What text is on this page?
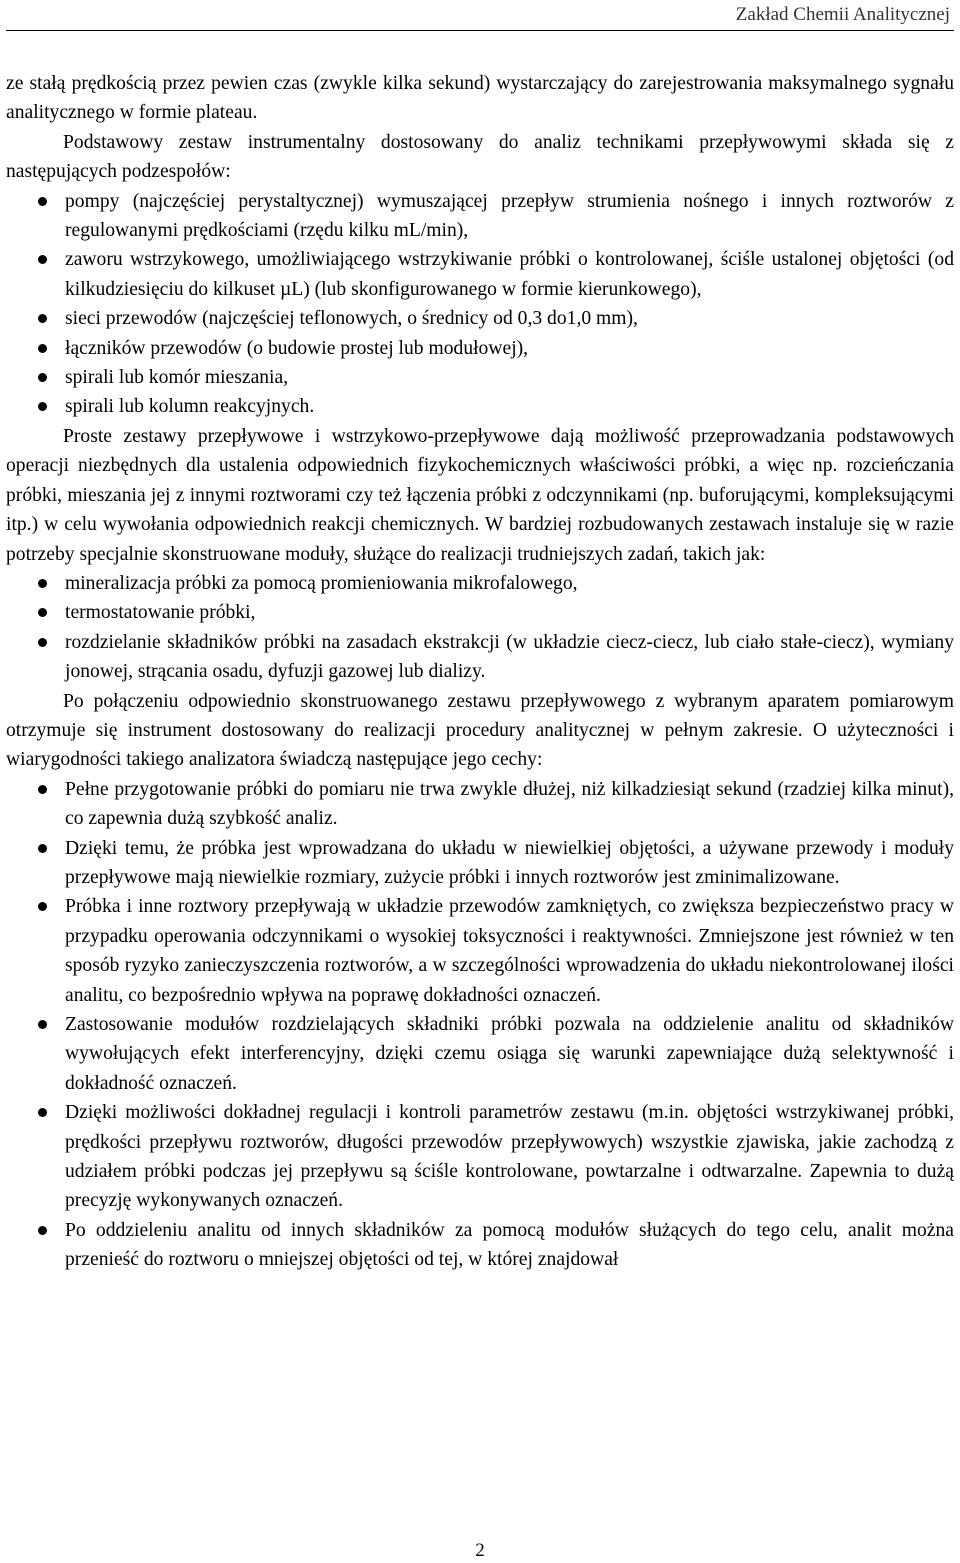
Zakład Chemii Analitycznej

ze stałą prędkością przez pewien czas (zwykle kilka sekund) wystarczający do zarejestrowania maksymalnego sygnału analitycznego w formie plateau.

Podstawowy zestaw instrumentalny dostosowany do analiz technikami przepływowymi składa się z następujących podzespołów:

pompy (najczęściej perystaltycznej) wymuszającej przepływ strumienia nośnego i innych roztworów z regulowanymi prędkościami (rzędu kilku mL/min),
zaworu wstrzykowego, umożliwiającego wstrzykiwanie próbki o kontrolowanej, ściśle ustalonej objętości (od kilkudziesięciu do kilkuset µL) (lub skonfigurowanego w formie kierunkowego),
sieci przewodów (najczęściej teflonowych, o średnicy od 0,3 do1,0 mm),
łączników przewodów (o budowie prostej lub modułowej),
spirali lub komór mieszania,
spirali lub kolumn reakcyjnych.

Proste zestawy przepływowe i wstrzykowo-przepływowe dają możliwość przeprowadzania podstawowych operacji niezbędnych dla ustalenia odpowiednich fizykochemicznych właściwości próbki, a więc np. rozcieńczania próbki, mieszania jej z innymi roztworami czy też łączenia próbki z odczynnikami (np. buforującymi, kompleksującymi itp.) w celu wywołania odpowiednich reakcji chemicznych. W bardziej rozbudowanych zestawach instaluje się w razie potrzeby specjalnie skonstruowane moduły, służące do realizacji trudniejszych zadań, takich jak:

mineralizacja próbki za pomocą promieniowania mikrofalowego,
termostatowanie próbki,
rozdzielanie składników próbki na zasadach ekstrakcji (w układzie ciecz-ciecz, lub ciało stałe-ciecz), wymiany jonowej, strącania osadu, dyfuzji gazowej lub dializy.

Po połączeniu odpowiednio skonstruowanego zestawu przepływowego z wybranym aparatem pomiarowym otrzymuje się instrument dostosowany do realizacji procedury analitycznej w pełnym zakresie. O użyteczności i wiarygodności takiego analizatora świadczą następujące jego cechy:

Pełne przygotowanie próbki do pomiaru nie trwa zwykle dłużej, niż kilkadziesiąt sekund (rzadziej kilka minut), co zapewnia dużą szybkość analiz.
Dzięki temu, że próbka jest wprowadzana do układu w niewielkiej objętości, a używane przewody i moduły przepływowe mają niewielkie rozmiary, zużycie próbki i innych roztworów jest zminimalizowane.
Próbka i inne roztwory przepływają w układzie przewodów zamkniętych, co zwiększa bezpieczeństwo pracy w przypadku operowania odczynnikami o wysokiej toksyczności i reaktywności. Zmniejszone jest również w ten sposób ryzyko zanieczyszczenia roztworów, a w szczególności wprowadzenia do układu niekontrolowanej ilości analitu, co bezpośrednio wpływa na poprawę dokładności oznaczeń.
Zastosowanie modułów rozdzielających składniki próbki pozwala na oddzielenie analitu od składników wywołujących efekt interferencyjny, dzięki czemu osiąga się warunki zapewniające dużą selektywność i dokładność oznaczeń.
Dzięki możliwości dokładnej regulacji i kontroli parametrów zestawu (m.in. objętości wstrzykiwanej próbki, prędkości przepływu roztworów, długości przewodów przepływowych) wszystkie zjawiska, jakie zachodzą z udziałem próbki podczas jej przepływu są ściśle kontrolowane, powtarzalne i odtwarzalne. Zapewnia to dużą precyzję wykonywanych oznaczeń.
Po oddzieleniu analitu od innych składników za pomocą modułów służących do tego celu, analit można przenieść do roztworu o mniejszej objętości od tej, w której znajdował
2
